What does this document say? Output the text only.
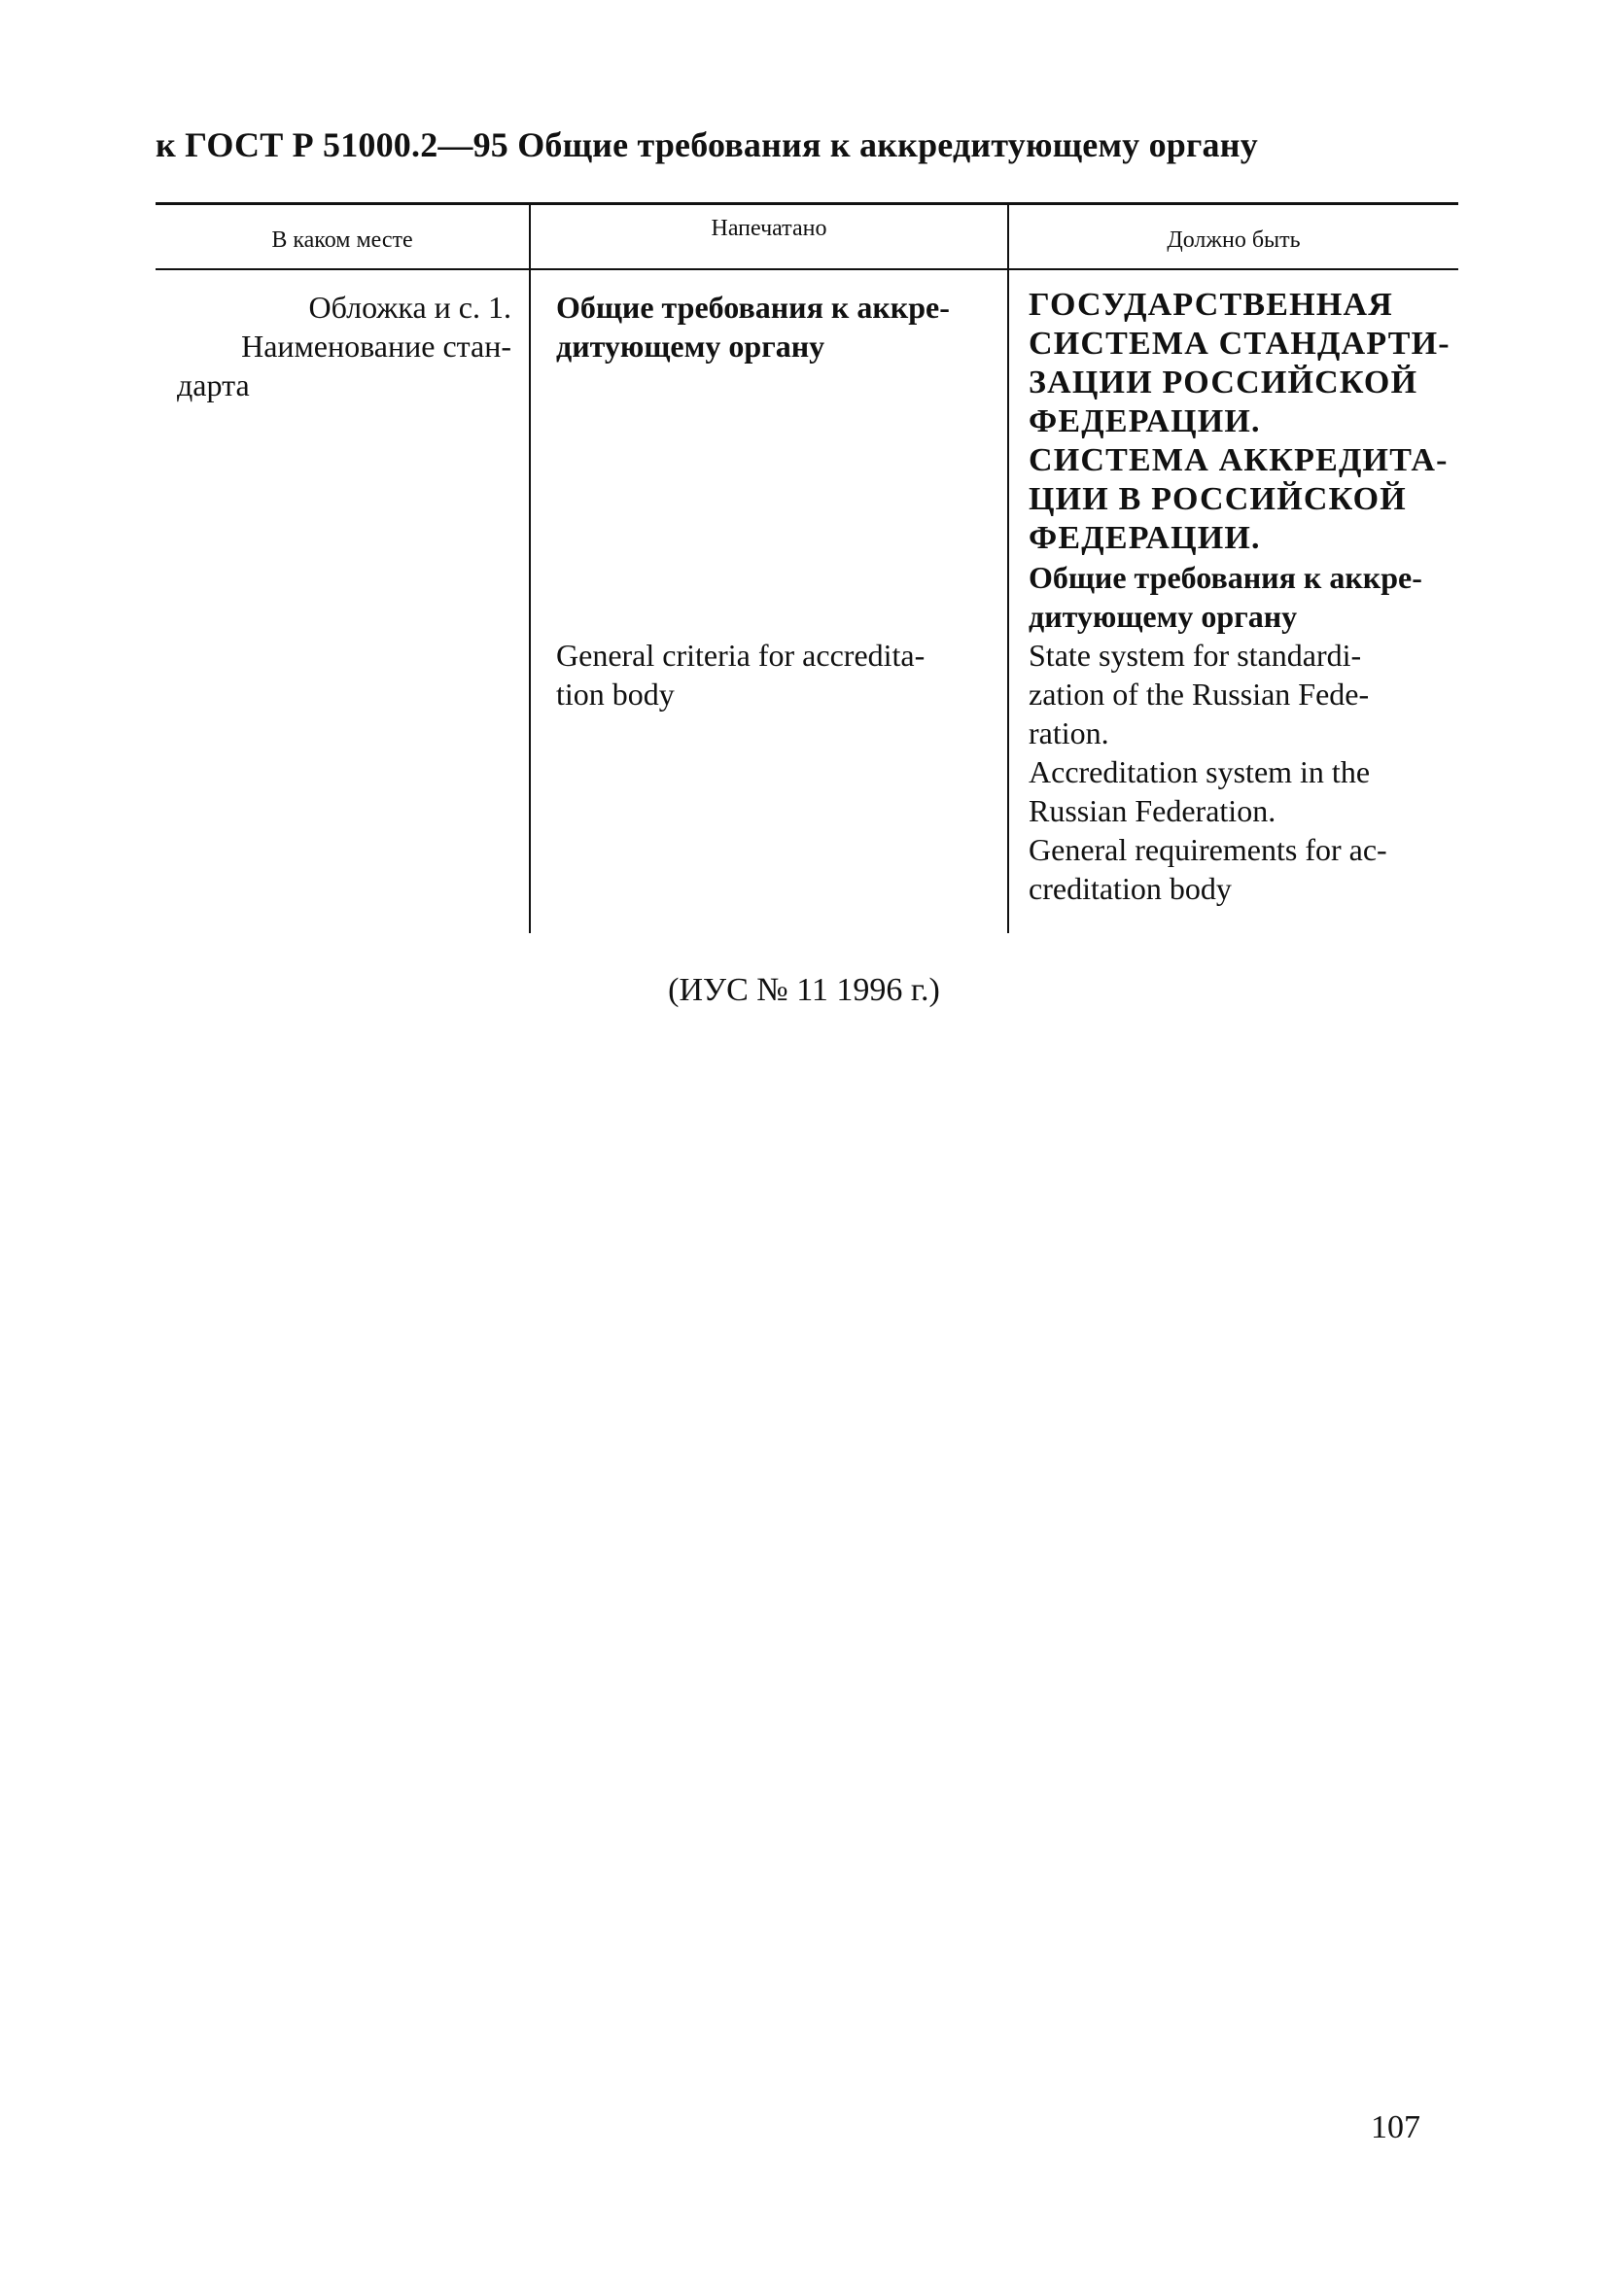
к ГОСТ Р 51000.2—95 Общие требования к аккредитующему органу
В каком месте	Напечатано	Должно быть
Обложка и с. 1.
Наименование стан-
дарта
Общие требования к аккре-
дитующему органу
General criteria for accredita-
tion body
ГОСУДАРСТВЕННАЯ
СИСТЕМА СТАНДАРТИ-
ЗАЦИИ РОССИЙСКОЙ
ФЕДЕРАЦИИ.
СИСТЕМА АККРЕДИТА-
ЦИИ В РОССИЙСКОЙ
ФЕДЕРАЦИИ.
Общие требования к аккре-
дитующему органу
State system for standardi-
zation of the Russian Fede-
ration.
Accreditation system in the
Russian Federation.
General requirements for ac-
creditation body
(ИУС № 11 1996 г.)
107
